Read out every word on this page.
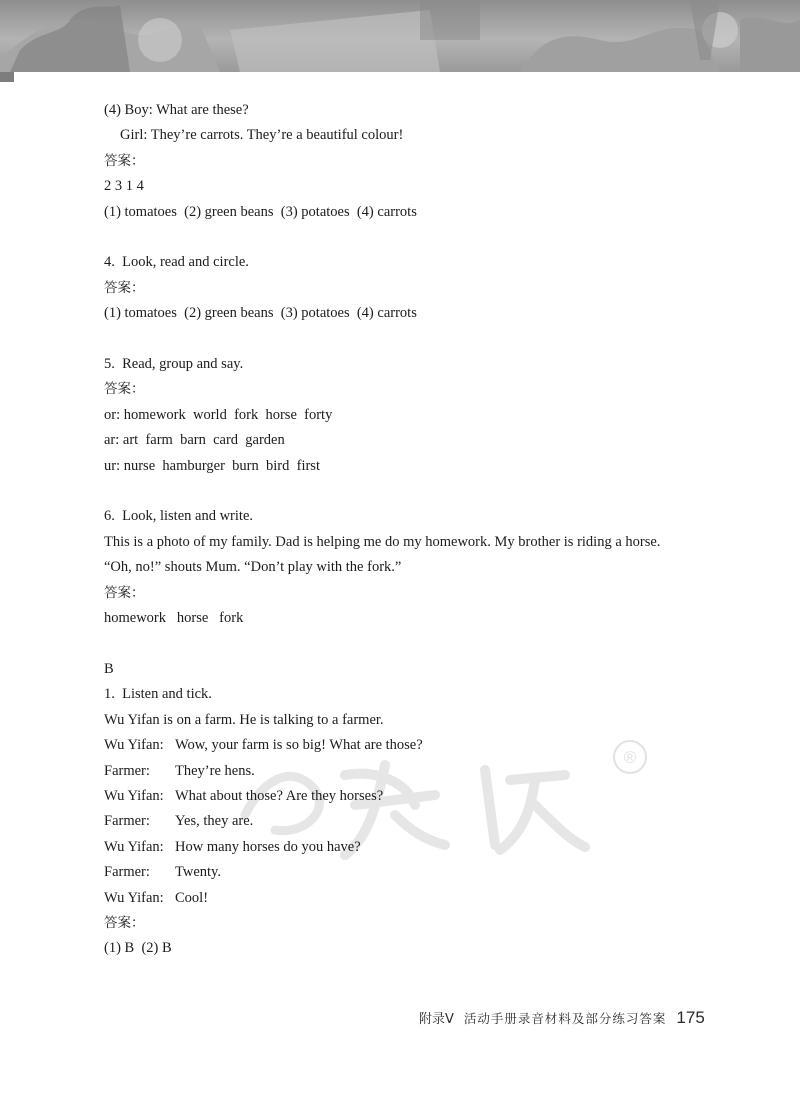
®
(4) Boy: What are these?
Girl: They’re carrots. They’re a beautiful colour!
答案：
2 3 1 4
(1) tomatoes  (2) green beans  (3) potatoes  (4) carrots
4.  Look, read and circle.
答案：
(1) tomatoes  (2) green beans  (3) potatoes  (4) carrots
5.  Read, group and say.
答案：
or: homework  world  fork  horse  forty
ar: art  farm  barn  card  garden
ur: nurse  hamburger  burn  bird  first
6.  Look, listen and write.
This is a photo of my family. Dad is helping me do my homework. My brother is riding a horse.
“Oh, no!” shouts Mum. “Don’t play with the fork.”
答案：
homework   horse   fork
B
1.  Listen and tick.
Wu Yifan is on a farm. He is talking to a farmer.
Wu Yifan: Wow, your farm is so big! What are those?
Farmer:	They’re hens.
Wu Yifan: What about those? Are they horses?
Farmer:	Yes, they are.
Wu Yifan: How many horses do you have?
Farmer:	Twenty.
Wu Yifan: Cool!
答案：
(1) B  (2) B
附录V 活动手册录音材料及部分练习答案 175
